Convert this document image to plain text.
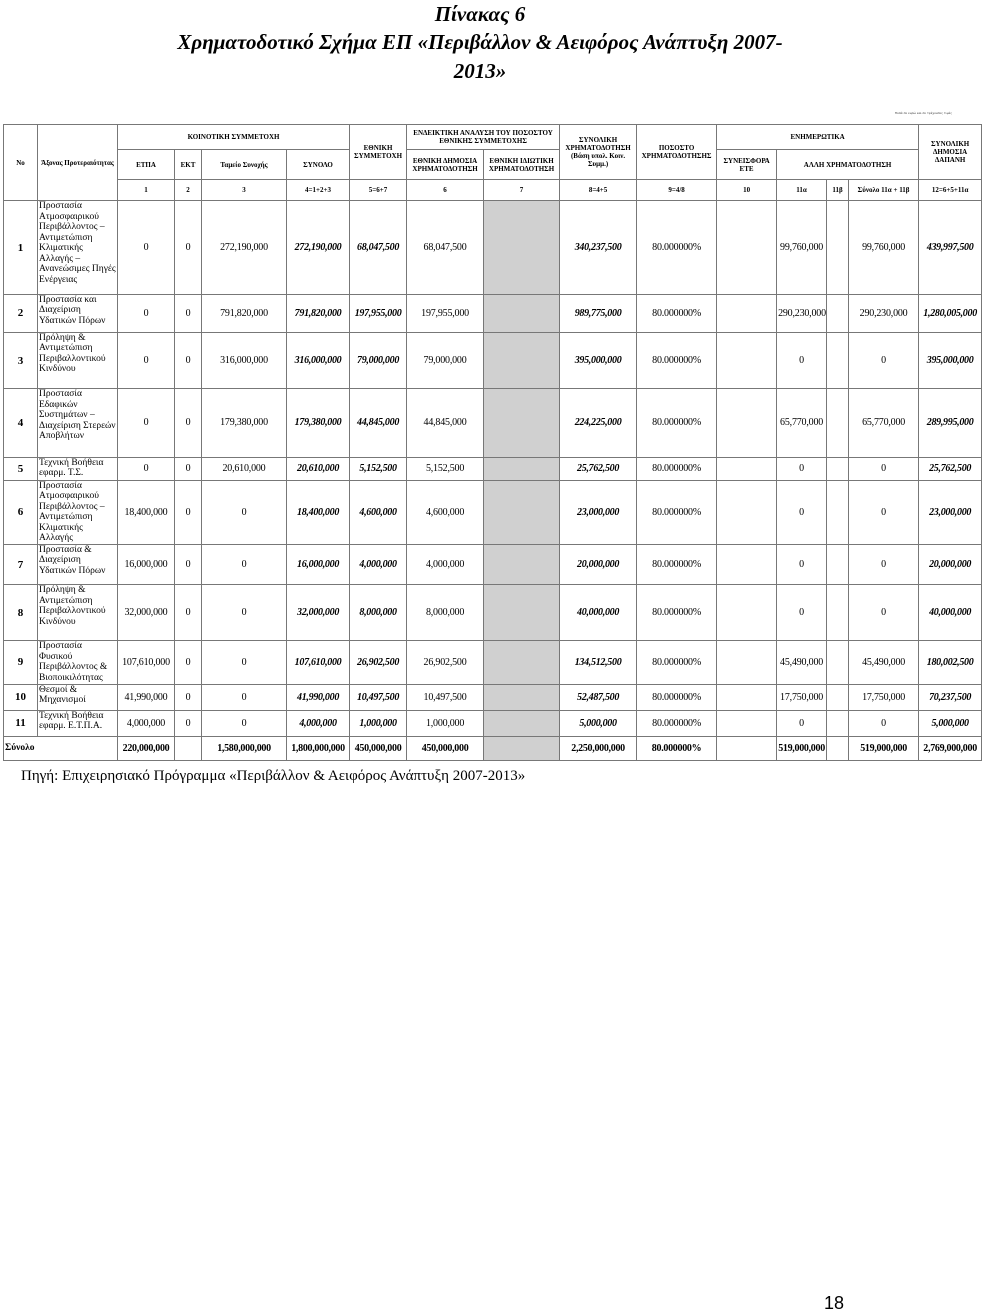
Πίνακας 6
Χρηματοδοτικό Σχήμα ΕΠ «Περιβάλλον & Αειφόρος Ανάπτυξη 2007-
2013»
Ποσά σε ευρώ και σε τρέχουσες τιμές
No	Άξονας Προτεραιότητας	ΚΟΙΝΟΤΙΚΗ ΣΥΜΜΕΤΟΧΗ				ΕΘΝΙΚΗ ΣΥΜΜΕΤΟΧΗ	ΕΝΔΕΙΚΤΙΚΗ ΑΝΑΛΥΣΗ ΤΟΥ ΠΟΣΟΣΤΟΥ ΕΘΝΙΚΗΣ ΣΥΜΜΕΤΟΧΗΣ		ΣΥΝΟΛΙΚΗ ΧΡΗΜΑΤΟΔΟΤΗΣΗ (Βάση υπολ. Κοιν. Συμμ.)	ΠΟΣΟΣΤΟ ΧΡΗΜΑΤΟΔΟΤΗΣΗΣ	ΕΝΗΜΕΡΩΤΙΚΑ				ΣΥΝΟΛΙΚΗ ΔΗΜΟΣΙΑ ΔΑΠΑΝΗ
		ΕΤΠΑ	ΕΚΤ	Ταμείο Συνοχής	ΣΥΝΟΛΟ		ΕΘΝΙΚΗ ΔΗΜΟΣΙΑ ΧΡΗΜΑΤΟΔΟΤΗΣΗ	ΕΘΝΙΚΗ ΙΔΙΩΤΙΚΗ ΧΡΗΜΑΤΟΔΟΤΗΣΗ			ΣΥΝΕΙΣΦΟΡΑ ΕΤΕ	ΑΛΛΗ ΧΡΗΜΑΤΟΔΟΤΗΣΗ			
		1	2	3	4=1+2+3	5=6+7	6	7	8=4+5	9=4/8	10	11α	11β	Σύνολο 11α + 11β	12=6+5+11α
1	Προστασία Ατμοσφαιρικού Περιβάλλοντος – Αντιμετώπιση Κλιματικής Αλλαγής – Ανανεώσιμες Πηγές Ενέργειας	0	0	272,190,000	272,190,000	68,047,500	68,047,500		340,237,500	80.000000%		99,760,000		99,760,000	439,997,500
2	Προστασία και Διαχείριση Υδατικών Πόρων	0	0	791,820,000	791,820,000	197,955,000	197,955,000		989,775,000	80.000000%		290,230,000		290,230,000	1,280,005,000
3	Πρόληψη & Αντιμετώπιση Περιβαλλοντικού Κινδύνου	0	0	316,000,000	316,000,000	79,000,000	79,000,000		395,000,000	80.000000%		0		0	395,000,000
4	Προστασία Εδαφικών Συστημάτων – Διαχείριση Στερεών Αποβλήτων	0	0	179,380,000	179,380,000	44,845,000	44,845,000		224,225,000	80.000000%		65,770,000		65,770,000	289,995,000
5	Τεχνική Βοήθεια εφαρμ. Τ.Σ.	0	0	20,610,000	20,610,000	5,152,500	5,152,500		25,762,500	80.000000%		0		0	25,762,500
6	Προστασία Ατμοσφαιρικού Περιβάλλοντος – Αντιμετώπιση Κλιματικής Αλλαγής	18,400,000	0	0	18,400,000	4,600,000	4,600,000		23,000,000	80.000000%		0		0	23,000,000
7	Προστασία & Διαχείριση Υδατικών Πόρων	16,000,000	0	0	16,000,000	4,000,000	4,000,000		20,000,000	80.000000%		0		0	20,000,000
8	Πρόληψη & Αντιμετώπιση Περιβαλλοντικού Κινδύνου	32,000,000	0	0	32,000,000	8,000,000	8,000,000		40,000,000	80.000000%		0		0	40,000,000
9	Προστασία Φυσικού Περιβάλλοντος & Βιοποικιλότητας	107,610,000	0	0	107,610,000	26,902,500	26,902,500		134,512,500	80.000000%		45,490,000		45,490,000	180,002,500
10	Θεσμοί & Μηχανισμοί	41,990,000	0	0	41,990,000	10,497,500	10,497,500		52,487,500	80.000000%		17,750,000		17,750,000	70,237,500
11	Τεχνική Βοήθεια εφαρμ. Ε.Τ.Π.Α.	4,000,000	0	0	4,000,000	1,000,000	1,000,000		5,000,000	80.000000%		0		0	5,000,000
Σύνολο		220,000,000		1,580,000,000	1,800,000,000	450,000,000	450,000,000		2,250,000,000	80.000000%		519,000,000		519,000,000	2,769,000,000
Πηγή: Επιχειρησιακό Πρόγραμμα «Περιβάλλον & Αειφόρος Ανάπτυξη 2007-2013»
18
